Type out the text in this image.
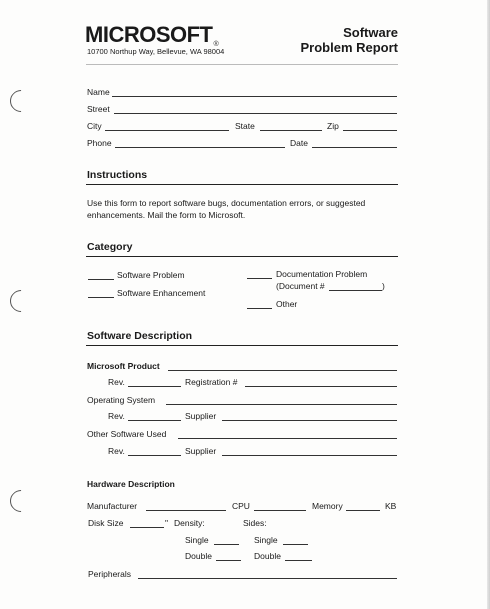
MICROSOFT®
10700 Northup Way, Bellevue, WA 98004
Software
Problem Report
Name
Street
City	State	Zip
Phone	Date
Instructions
Use this form to report software bugs, documentation errors, or suggested enhancements. Mail the form to Microsoft.
Category
Software Problem
Software Enhancement
Documentation Problem
(Document #	)
Other
Software Description
Microsoft Product
Rev.	Registration #
Operating System
Rev.	Supplier
Other Software Used
Rev.	Supplier
Hardware Description
Manufacturer	CPU	Memory	KB
Disk Size	" Density:	Sides:
Single	Single
Double	Double
Peripherals
